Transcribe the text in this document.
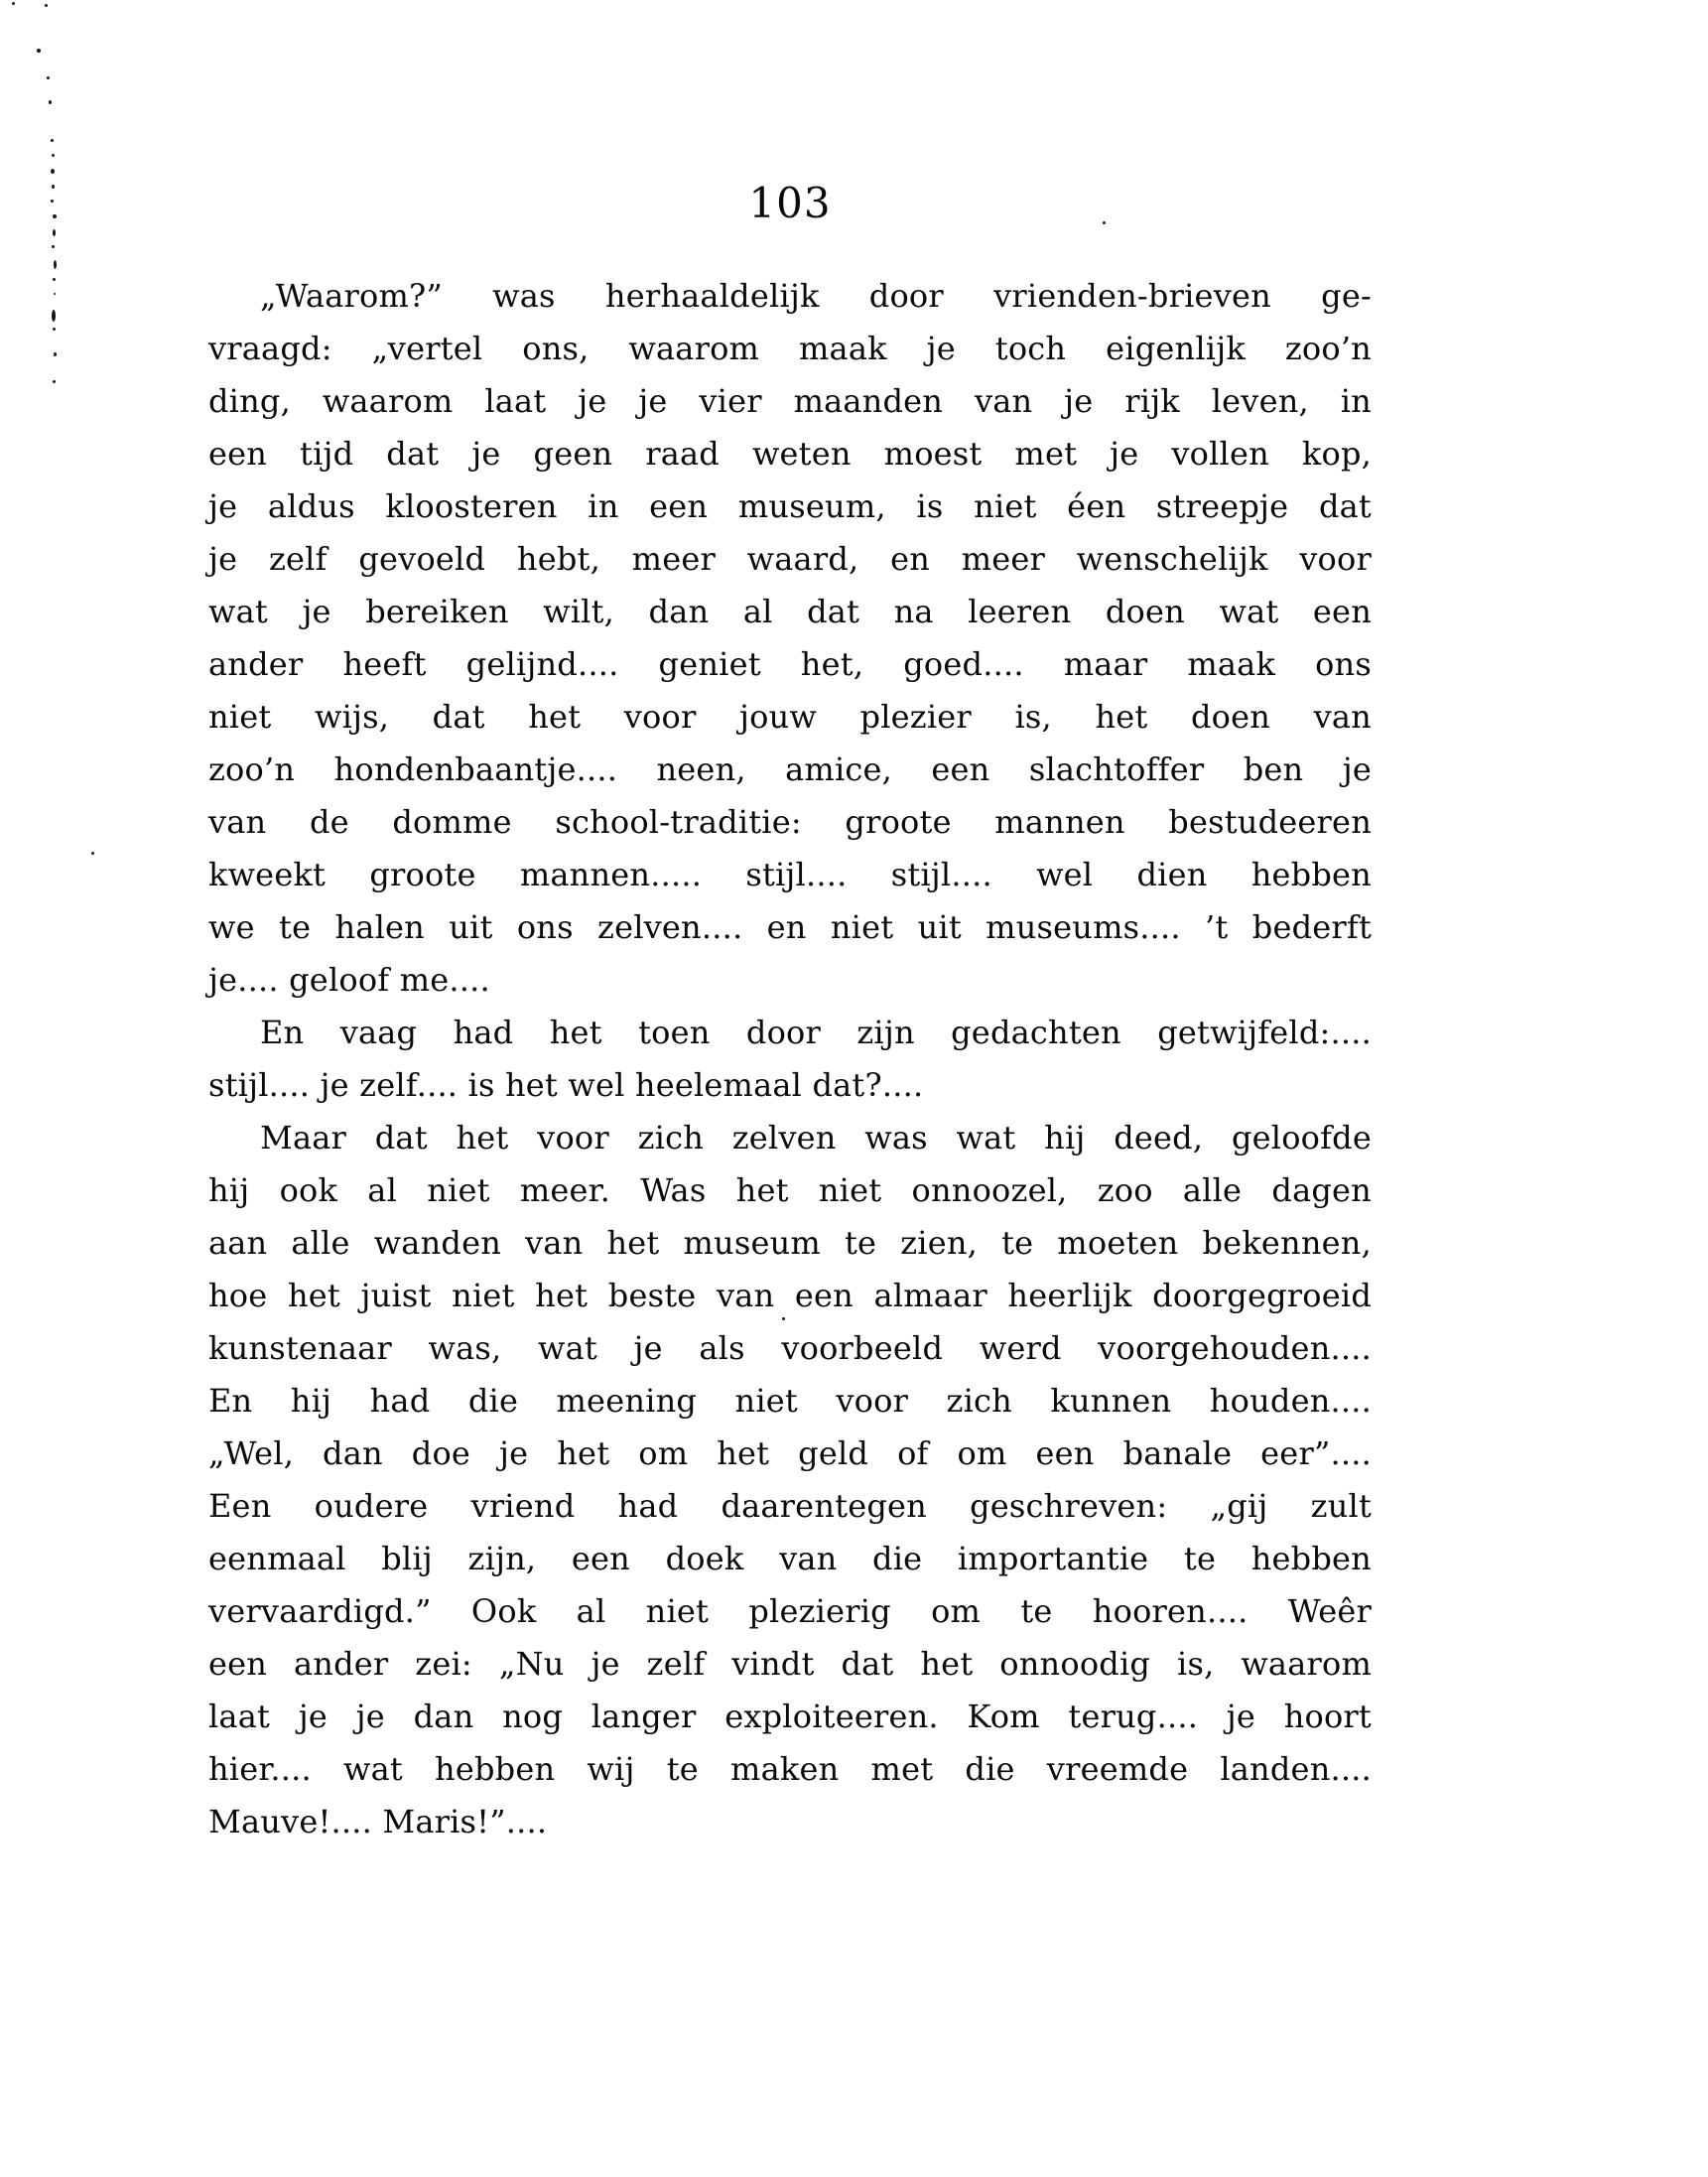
103
„Waarom?” was herhaaldelijk door vrienden-brieven ge-
vraagd: „vertel ons, waarom maak je toch eigenlijk zoo’n
ding, waarom laat je je vier maanden van je rijk leven, in
een tijd dat je geen raad weten moest met je vollen kop,
je aldus kloosteren in een museum, is niet éen streepje dat
je zelf gevoeld hebt, meer waard, en meer wenschelijk voor
wat je bereiken wilt, dan al dat na leeren doen wat een
ander heeft gelijnd.... geniet het, goed.... maar maak ons
niet wijs, dat het voor jouw plezier is, het doen van
zoo’n hondenbaantje.... neen, amice, een slachtoffer ben je
van de domme school-traditie: groote mannen bestudeeren
kweekt groote mannen..... stijl.... stijl.... wel dien hebben
we te halen uit ons zelven.... en niet uit museums.... ’t bederft
je.... geloof me....
En vaag had het toen door zijn gedachten getwijfeld:....
stijl.... je zelf.... is het wel heelemaal dat?....
Maar dat het voor zich zelven was wat hij deed, geloofde
hij ook al niet meer. Was het niet onnoozel, zoo alle dagen
aan alle wanden van het museum te zien, te moeten bekennen,
hoe het juist niet het beste van een almaar heerlijk doorgegroeid
kunstenaar was, wat je als voorbeeld werd voorgehouden....
En hij had die meening niet voor zich kunnen houden....
„Wel, dan doe je het om het geld of om een banale eer”....
Een oudere vriend had daarentegen geschreven: „gij zult
eenmaal blij zijn, een doek van die importantie te hebben
vervaardigd.” Ook al niet plezierig om te hooren.... Weêr
een ander zei: „Nu je zelf vindt dat het onnoodig is, waarom
laat je je dan nog langer exploiteeren. Kom terug.... je hoort
hier.... wat hebben wij te maken met die vreemde landen....
Mauve!.... Maris!”....
